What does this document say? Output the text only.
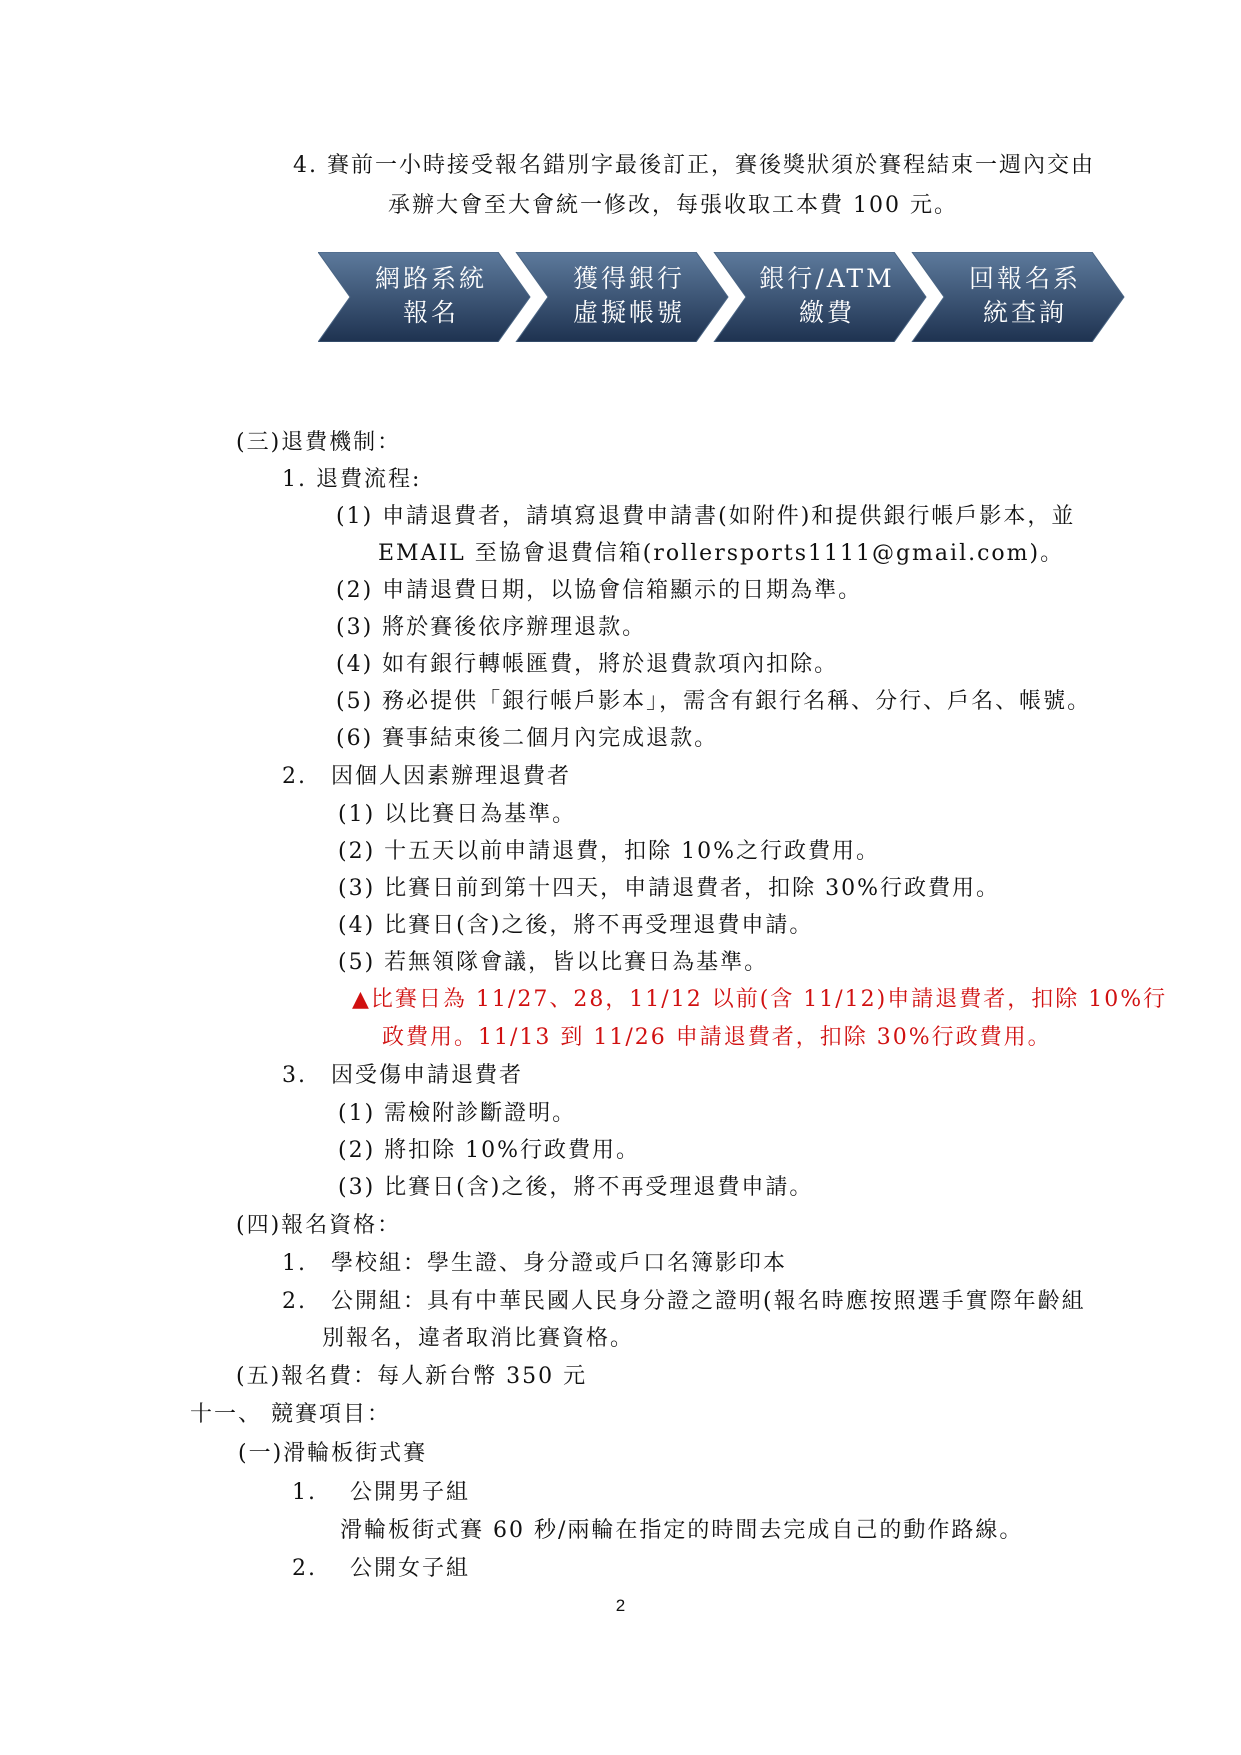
4. 賽前一小時接受報名錯別字最後訂正，賽後獎狀須於賽程結束一週內交由
承辦大會至大會統一修改，每張收取工本費 100 元。
網路系統
報名
獲得銀行
虛擬帳號
銀行/ATM
繳費
回報名系
統查詢
(三)退費機制：
1. 退費流程:
(1) 申請退費者，請填寫退費申請書(如附件)和提供銀行帳戶影本，並
EMAIL 至協會退費信箱(rollersports1111@gmail.com)。
(2) 申請退費日期，以協會信箱顯示的日期為準。
(3) 將於賽後依序辦理退款。
(4) 如有銀行轉帳匯費，將於退費款項內扣除。
(5) 務必提供「銀行帳戶影本」，需含有銀行名稱、分行、戶名、帳號。
(6) 賽事結束後二個月內完成退款。
2.　因個人因素辦理退費者
(1) 以比賽日為基準。
(2) 十五天以前申請退費，扣除 10%之行政費用。
(3) 比賽日前到第十四天，申請退費者，扣除 30%行政費用。
(4) 比賽日(含)之後，將不再受理退費申請。
(5) 若無領隊會議，皆以比賽日為基準。
▲比賽日為 11/27、28，11/12 以前(含 11/12)申請退費者，扣除 10%行
政費用。11/13 到 11/26 申請退費者，扣除 30%行政費用。
3.　因受傷申請退費者
(1) 需檢附診斷證明。
(2) 將扣除 10%行政費用。
(3) 比賽日(含)之後，將不再受理退費申請。
(四)報名資格：
1.　學校組：學生證、身分證或戶口名簿影印本
2.　公開組：具有中華民國人民身分證之證明(報名時應按照選手實際年齡組
別報名，違者取消比賽資格。
(五)報名費：每人新台幣 350 元
十一、 競賽項目：
(一)滑輪板街式賽
1.　 公開男子組
滑輪板街式賽 60 秒/兩輪在指定的時間去完成自己的動作路線。
2.　 公開女子組
2
